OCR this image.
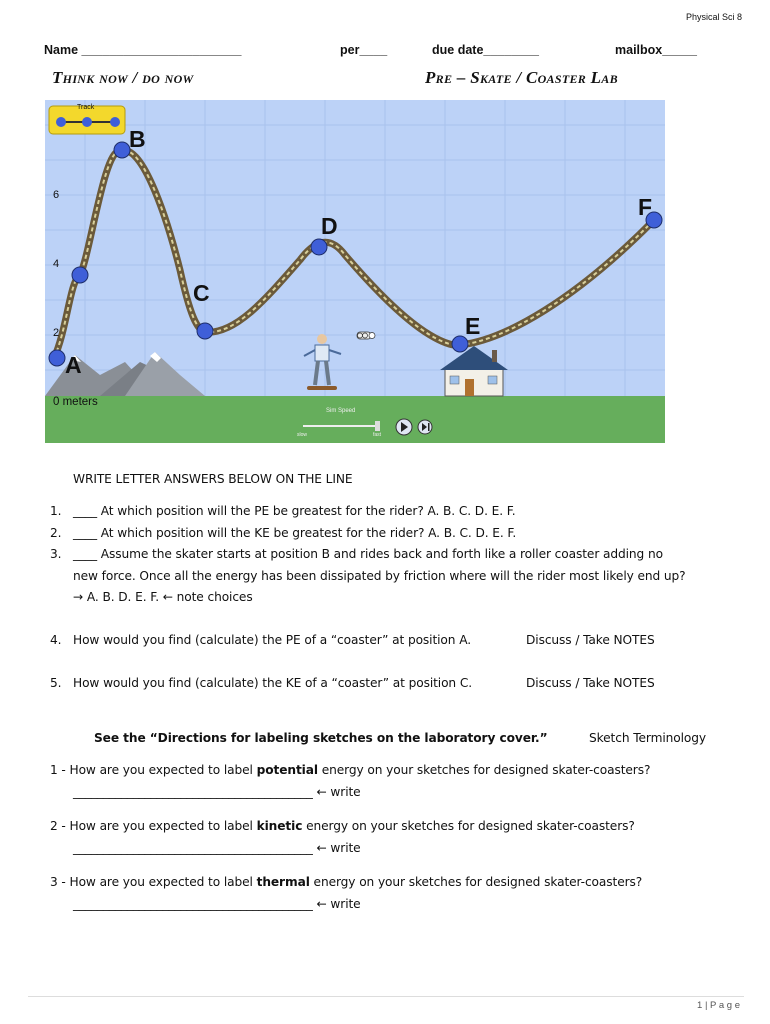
Physical Sci 8
Name _______________________	per____	due date________	mailbox_____
Think now / do now	Pre – Skate / Coaster Lab
Track
6
4
2
0 meters
A
B
C
D
E
F
Sim Speed
slow	fast
WRITE LETTER ANSWERS BELOW ON THE LINE
1. ____ At which position will the PE be greatest for the rider? A. B. C. D. E. F.
2. ____ At which position will the KE be greatest for the rider? A. B. C. D. E. F.
3. ____ Assume the skater starts at position B and rides back and forth like a roller coaster adding no
new force. Once all the energy has been dissipated by friction where will the rider most likely end up?
→ A. B. D. E. F. ← note choices
4. How would you find (calculate) the PE of a “coaster” at position A.	Discuss / Take NOTES
5. How would you find (calculate) the KE of a “coaster” at position C.	Discuss / Take NOTES
See the “Directions for labeling sketches on the laboratory cover.”	Sketch Terminology
1 - How are you expected to label potential energy on your sketches for designed skater-coasters?
________________________________________ ← write
2 - How are you expected to label kinetic energy on your sketches for designed skater-coasters?
________________________________________ ← write
3 - How are you expected to label thermal energy on your sketches for designed skater-coasters?
________________________________________ ← write
1 | P a g e
